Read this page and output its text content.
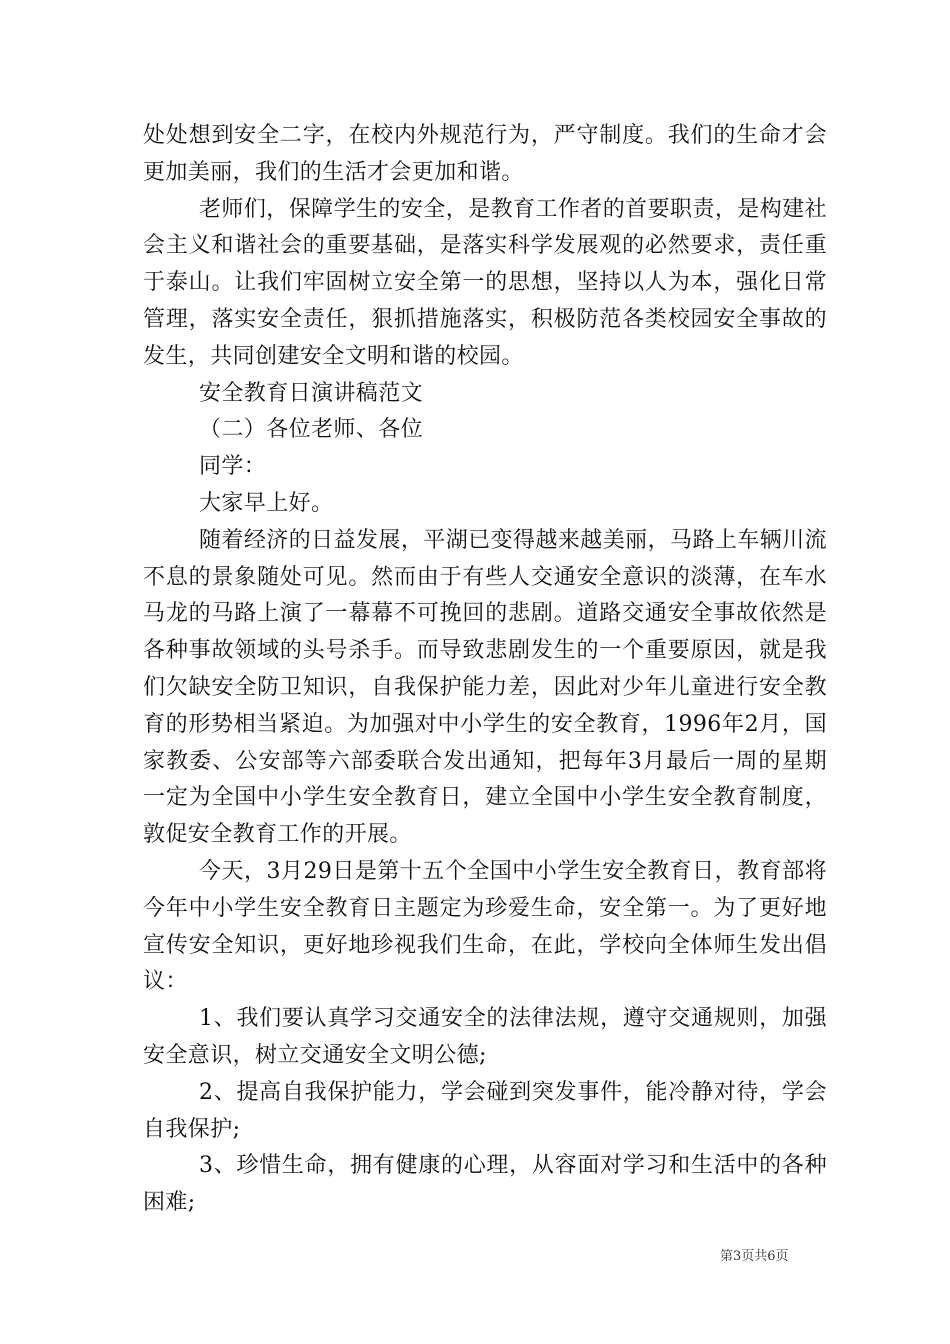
处处想到安全二字，在校内外规范行为，严守制度。我们的生命才会更加美丽，我们的生活才会更加和谐。

老师们，保障学生的安全，是教育工作者的首要职责，是构建社会主义和谐社会的重要基础，是落实科学发展观的必然要求，责任重于泰山。让我们牢固树立安全第一的思想，坚持以人为本，强化日常管理，落实安全责任，狠抓措施落实，积极防范各类校园安全事故的发生，共同创建安全文明和谐的校园。

安全教育日演讲稿范文

（二）各位老师、各位

同学：

大家早上好。

随着经济的日益发展，平湖已变得越来越美丽，马路上车辆川流不息的景象随处可见。然而由于有些人交通安全意识的淡薄，在车水马龙的马路上演了一幕幕不可挽回的悲剧。道路交通安全事故依然是各种事故领域的头号杀手。而导致悲剧发生的一个重要原因，就是我们欠缺安全防卫知识，自我保护能力差，因此对少年儿童进行安全教育的形势相当紧迫。为加强对中小学生的安全教育，1996年2月，国家教委、公安部等六部委联合发出通知，把每年3月最后一周的星期一定为全国中小学生安全教育日，建立全国中小学生安全教育制度，敦促安全教育工作的开展。

今天，3月29日是第十五个全国中小学生安全教育日，教育部将今年中小学生安全教育日主题定为珍爱生命，安全第一。为了更好地宣传安全知识，更好地珍视我们生命，在此，学校向全体师生发出倡议：

1、我们要认真学习交通安全的法律法规，遵守交通规则，加强安全意识，树立交通安全文明公德;

2、提高自我保护能力，学会碰到突发事件，能冷静对待，学会自我保护;

3、珍惜生命，拥有健康的心理，从容面对学习和生活中的各种困难;

第3页共6页
